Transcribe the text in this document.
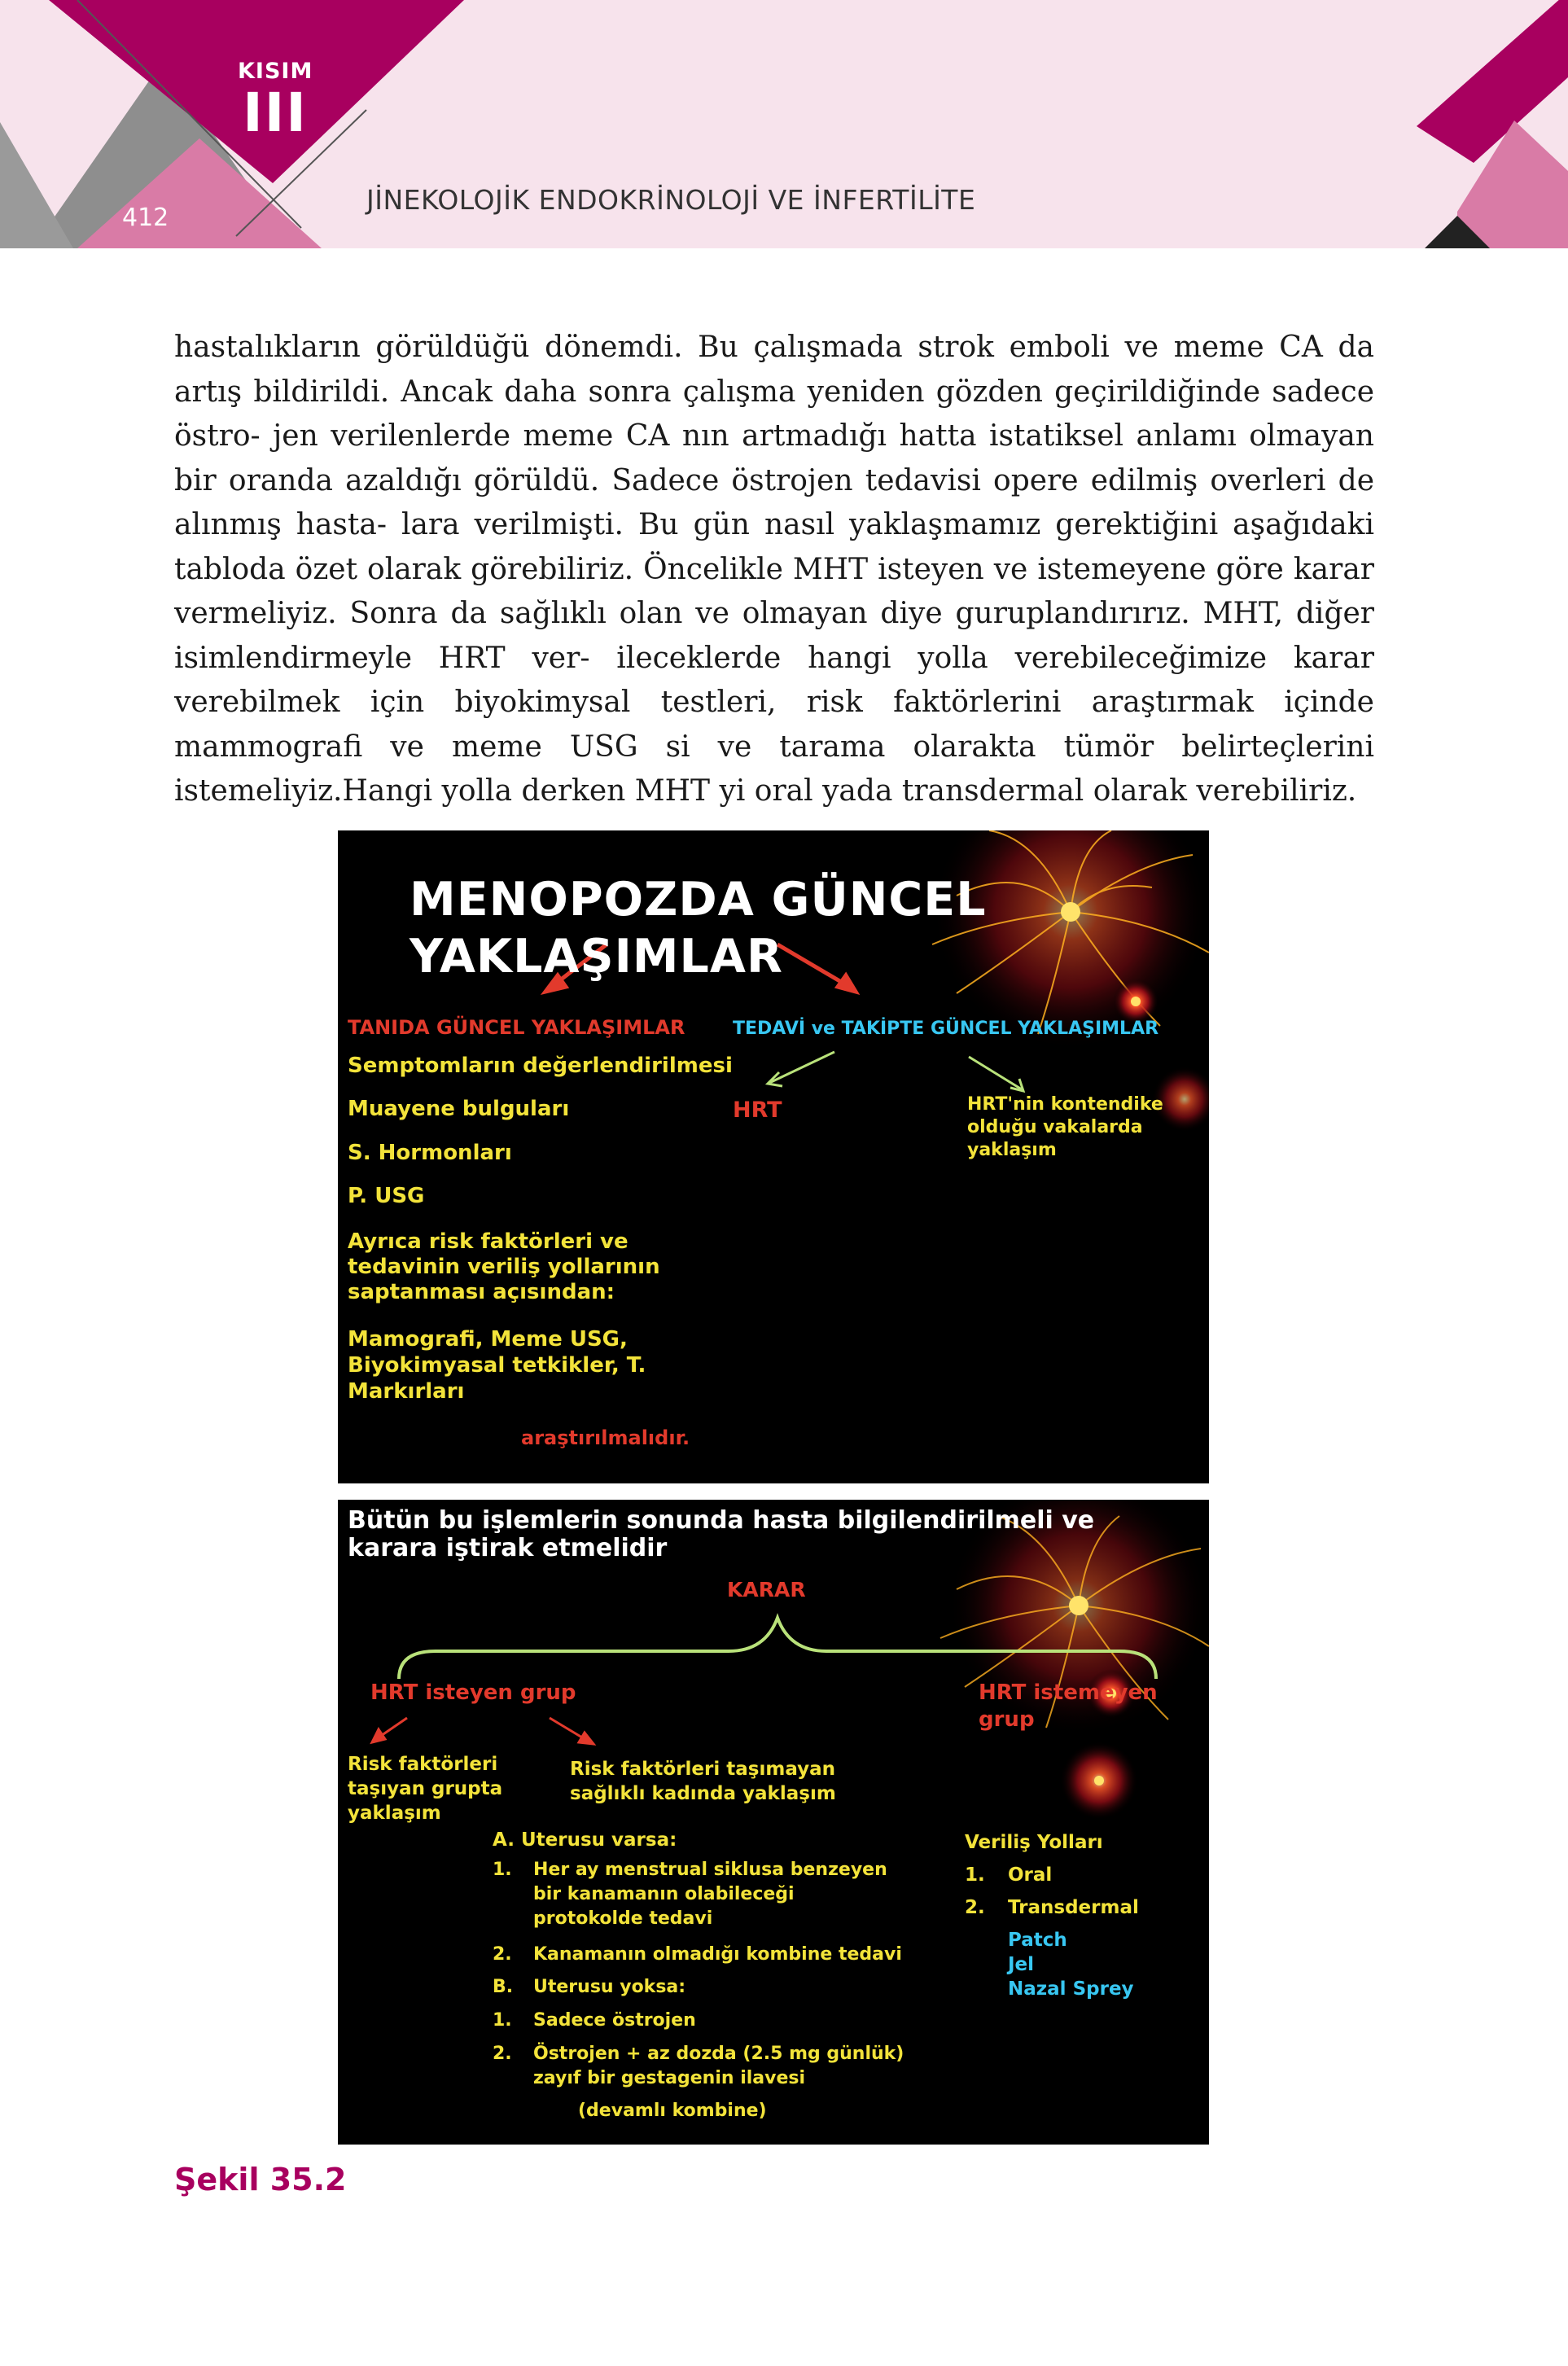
KISIM
III
412
JİNEKOLOJİK ENDOKRİNOLOJİ VE İNFERTİLİTE

hastalıkların görüldüğü dönemdi. Bu çalışmada strok emboli ve meme CA da artış bildirildi. Ancak daha sonra çalışma yeniden gözden geçirildiğinde sadece östro- jen verilenlerde meme CA nın artmadığı hatta istatiksel anlamı olmayan bir oranda azaldığı görüldü. Sadece östrojen tedavisi opere edilmiş overleri de alınmış hasta- lara verilmişti. Bu gün nasıl yaklaşmamız gerektiğini aşağıdaki tabloda özet olarak görebiliriz. Öncelikle MHT isteyen ve istemeyene göre karar vermeliyiz. Sonra da sağlıklı olan ve olmayan diye guruplandırırız. MHT, diğer isimlendirmeyle HRT ver- ileceklerde hangi yolla verebileceğimize karar verebilmek için biyokimysal testleri, risk faktörlerini araştırmak içinde mammografi ve meme USG si ve tarama olarakta tümör belirteçlerini istemeliyiz.Hangi yolla derken MHT yi oral yada transdermal olarak verebiliriz.

MENOPOZDA GÜNCEL
YAKLAŞIMLAR
TANIDA GÜNCEL YAKLAŞIMLAR	TEDAVİ ve TAKİPTE GÜNCEL YAKLAŞIMLAR
Semptomların değerlendirilmesi
Muayene bulguları
S. Hormonları
P. USG
Ayrıca risk faktörleri ve
tedavinin veriliş yollarının
saptanması açısından:
Mamografi, Meme USG,
Biyokimyasal tetkikler, T.
Markırları
araştırılmalıdır.
HRT	HRT'nin kontendike
olduğu vakalarda
yaklaşım
Bütün bu işlemlerin sonunda hasta bilgilendirilmeli ve
karara iştirak etmelidir
KARAR
HRT isteyen grup	HRT istemeyen
grup
Risk faktörleri
taşıyan grupta
yaklaşım
Risk faktörleri taşımayan
sağlıklı kadında yaklaşım
A. Uterusu varsa:
1. Her ay menstrual siklusa benzeyen
bir kanamanın olabileceği
protokolde tedavi
2. Kanamanın olmadığı kombine tedavi
B. Uterusu yoksa:
1. Sadece östrojen
2. Östrojen + az dozda (2.5 mg günlük)
zayıf bir gestagenin ilavesi
(devamlı kombine)
Veriliş Yolları
1. Oral
2. Transdermal
Patch
Jel
Nazal Sprey
Şekil 35.2
